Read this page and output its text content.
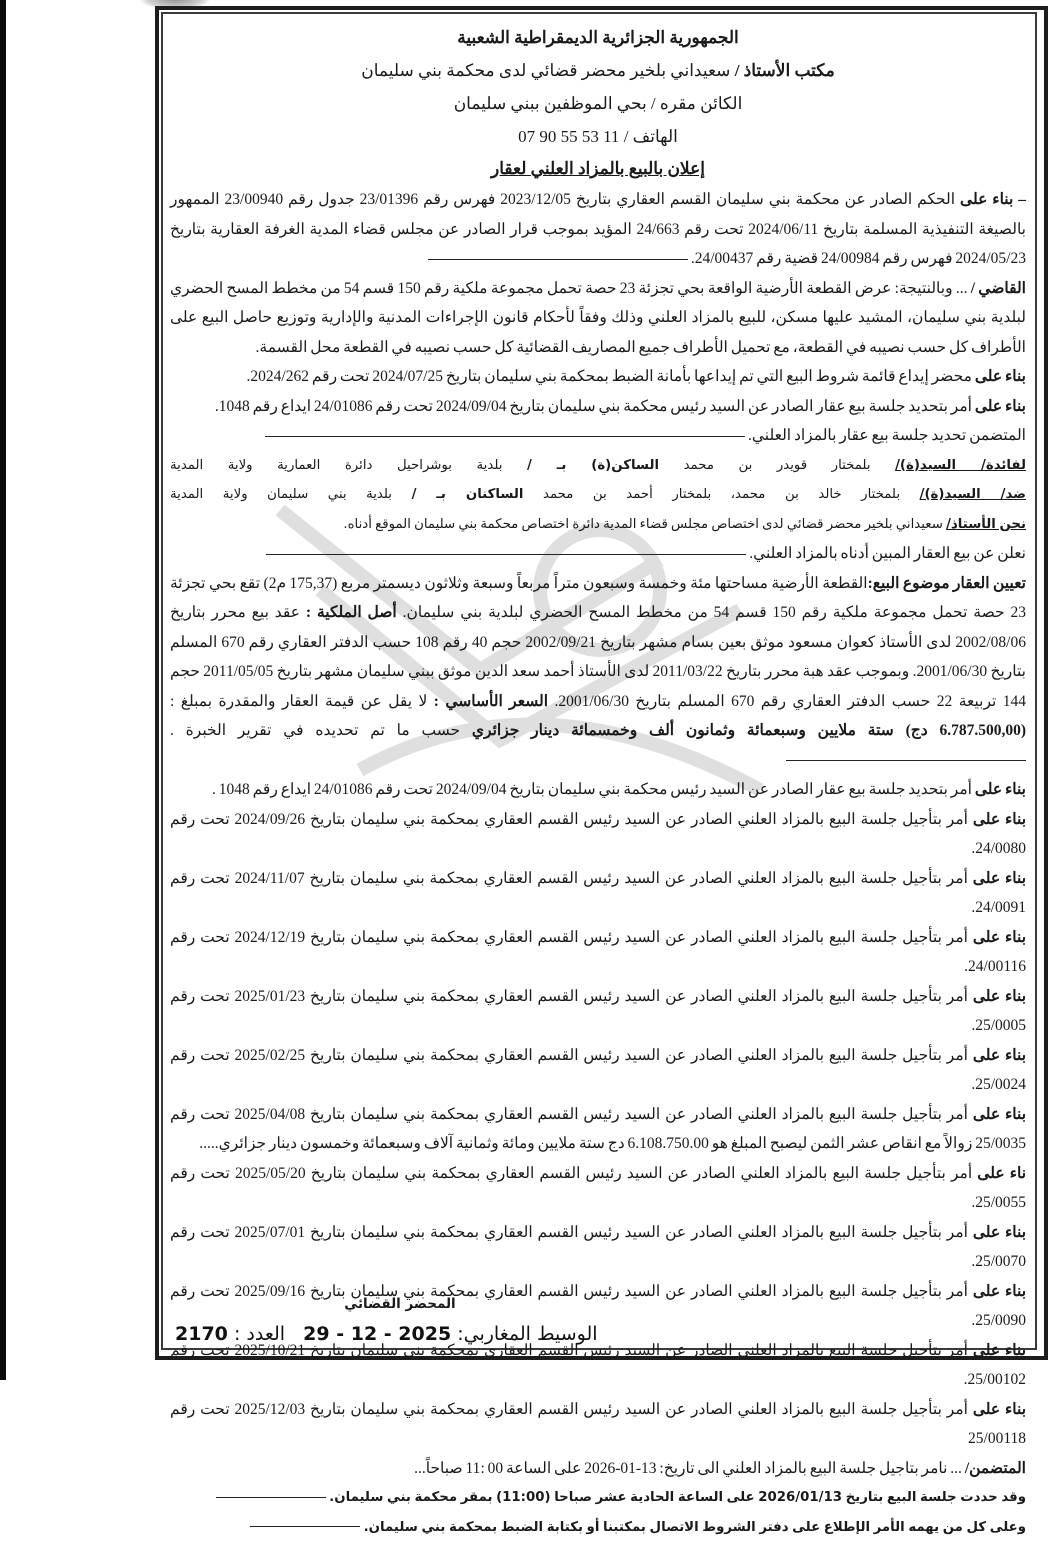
الجمهورية الجزائرية الديمقراطية الشعبية
مكتب الأستاذ / سعيداني بلخير محضر قضائي لدى محكمة بني سليمان
الكائن مقره / بحي الموظفين ببني سليمان
الهاتف / 07 90 55 53 11
إعلان بالبيع بالمزاد العلني لعقار

– بناء على الحكم الصادر عن محكمة بني سليمان القسم العقاري بتاريخ 2023/12/05 فهرس رقم 23/01396 جدول رقم 23/00940 الممهور بالصيغة التنفيذية المسلمة بتاريخ 2024/06/11 تحت رقم 24/663 المؤيد بموجب قرار الصادر عن مجلس قضاء المدية الغرفة العقارية بتاريخ 2024/05/23 فهرس رقم 24/00984 قضية رقم 24/00437.

القاضي / ... وبالنتيجة: عرض القطعة الأرضية الواقعة بحي تجزئة 23 حصة تحمل مجموعة ملكية رقم 150 قسم 54 من مخطط المسح الحضري لبلدية بني سليمان، المشيد عليها مسكن، للبيع بالمزاد العلني وذلك وفقاً لأحكام قانون الإجراءات المدنية والإدارية وتوزيع حاصل البيع على الأطراف كل حسب نصيبه في القطعة، مع تحميل الأطراف جميع المصاريف القضائية كل حسب نصيبه في القطعة محل القسمة.

بناء على محضر إيداع قائمة شروط البيع التي تم إيداعها بأمانة الضبط بمحكمة بني سليمان بتاريخ 2024/07/25 تحت رقم 2024/262.

بناء على أمر بتحديد جلسة بيع عقار الصادر عن السيد رئيس محكمة بني سليمان بتاريخ 2024/09/04 تحت رقم 24/01086 ايداع رقم 1048.
المتضمن تحديد جلسة بيع عقار بالمزاد العلني.

لفائدة/ السيد(ة)/ بلمختار قويدر بن محمد الساكن(ة) بـ / بلدية بوشراحيل دائرة العمارية ولاية المدية

ضد/ السيد(ة)/ بلمختار خالد بن محمد، بلمختار أحمد بن محمد الساكنان بـ / بلدية بني سليمان ولاية المدية

نحن الأستاذ/ سعيداني بلخير محضر قضائي لدى اختصاص مجلس قضاء المدية دائرة اختصاص محكمة بني سليمان الموقع أدناه.

نعلن عن بيع العقار المبين أدناه بالمزاد العلني.

تعيين العقار موضوع البيع:القطعة الأرضية مساحتها مئة وخمسة وسبعون متراً مربعاً وسبعة وثلاثون ديسمتر مربع (175,37 م2) تقع بحي تجزئة 23 حصة تحمل مجموعة ملكية رقم 150 قسم 54 من مخطط المسح الحضري لبلدية بني سليمان. أصل الملكية : عقد بيع محرر بتاريخ 2002/08/06 لدى الأستاذ كعوان مسعود موثق بعين بسام مشهر بتاريخ 2002/09/21 حجم 40 رقم 108 حسب الدفتر العقاري رقم 670 المسلم بتاريخ 2001/06/30. وبموجب عقد هبة محرر بتاريخ 2011/03/22 لدى الأستاذ أحمد سعد الدين موثق ببني سليمان مشهر بتاريخ 2011/05/05 حجم 144 تربيعة 22 حسب الدفتر العقاري رقم 670 المسلم بتاريخ 2001/06/30. السعر الأساسي : لا يقل عن قيمة العقار والمقدرة بمبلغ : (6.787.500,00 دج) ستة ملايين وسبعمائة وثمانون ألف وخمسمائة دينار جزائري حسب ما تم تحديده في تقرير الخبرة .

بناء على أمر بتحديد جلسة بيع عقار الصادر عن السيد رئيس محكمة بني سليمان بتاريخ 2024/09/04 تحت رقم 24/01086 ايداع رقم 1048 .

بناء على أمر بتأجيل جلسة البيع بالمزاد العلني الصادر عن السيد رئيس القسم العقاري بمحكمة بني سليمان بتاريخ 2024/09/26 تحت رقم 24/0080.

بناء على أمر بتأجيل جلسة البيع بالمزاد العلني الصادر عن السيد رئيس القسم العقاري بمحكمة بني سليمان بتاريخ 2024/11/07 تحت رقم 24/0091.

بناء على أمر بتأجيل جلسة البيع بالمزاد العلني الصادر عن السيد رئيس القسم العقاري بمحكمة بني سليمان بتاريخ 2024/12/19 تحت رقم 24/00116.

بناء على أمر بتأجيل جلسة البيع بالمزاد العلني الصادر عن السيد رئيس القسم العقاري بمحكمة بني سليمان بتاريخ 2025/01/23 تحت رقم 25/0005.

بناء على أمر بتأجيل جلسة البيع بالمزاد العلني الصادر عن السيد رئيس القسم العقاري بمحكمة بني سليمان بتاريخ 2025/02/25 تحت رقم 25/0024.

بناء على أمر بتأجيل جلسة البيع بالمزاد العلني الصادر عن السيد رئيس القسم العقاري بمحكمة بني سليمان بتاريخ 2025/04/08 تحت رقم 25/0035 زوالاً مع انقاص عشر الثمن ليصبح المبلغ هو 6.108.750.00 دج ستة ملايين ومائة وثمانية آلاف وسبعمائة وخمسون دينار جزائري.....

ناء على أمر بتأجيل جلسة البيع بالمزاد العلني الصادر عن السيد رئيس القسم العقاري بمحكمة بني سليمان بتاريخ 2025/05/20 تحت رقم 25/0055.

بناء على أمر بتأجيل جلسة البيع بالمزاد العلني الصادر عن السيد رئيس القسم العقاري بمحكمة بني سليمان بتاريخ 2025/07/01 تحت رقم 25/0070.

بناء على أمر بتأجيل جلسة البيع بالمزاد العلني الصادر عن السيد رئيس القسم العقاري بمحكمة بني سليمان بتاريخ 2025/09/16 تحت رقم 25/0090.

بناء على أمر بتأجيل جلسة البيع بالمزاد العلني الصادر عن السيد رئيس القسم العقاري بمحكمة بني سليمان بتاريخ 2025/10/21 تحت رقم 25/00102.

بناء على أمر بتأجيل جلسة البيع بالمزاد العلني الصادر عن السيد رئيس القسم العقاري بمحكمة بني سليمان بتاريخ 2025/12/03 تحت رقم 25/00118

المتضمن/ ... نامر بتاجيل جلسة البيع بالمزاد العلني الى تاريخ: 13-01-2026 على الساعة 00 :11 صباحاً...

وقد حددت جلسة البيع بتاريخ 2026/01/13 على الساعة الحادية عشر صباحا (11:00) بمقر محكمة بني سليمان.

وعلى كل من يهمه الأمر الإطلاع على دفتر الشروط الاتصال بمكتبنا أو بكتابة الضبط بمحكمة بني سليمان.

المحضر القضائي
الوسيط المغاربي: 29 - 12 - 2025   العدد : 2170
